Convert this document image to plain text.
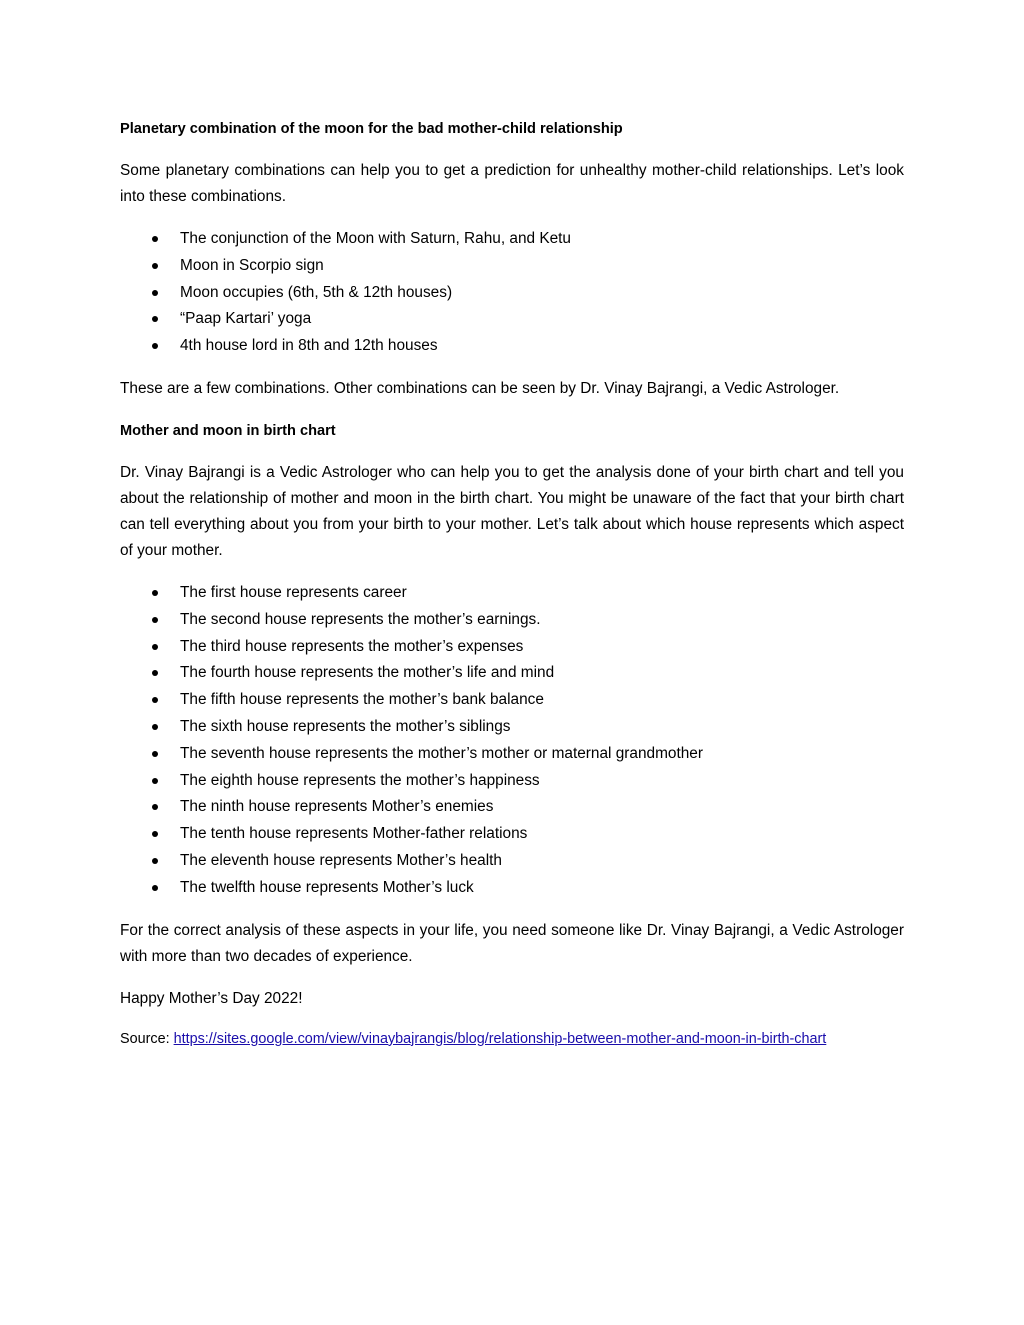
Planetary combination of the moon for the bad mother-child relationship

Some planetary combinations can help you to get a prediction for unhealthy mother-child relationships. Let’s look into these combinations.

The conjunction of the Moon with Saturn, Rahu, and Ketu
Moon in Scorpio sign
Moon occupies (6th, 5th & 12th houses)
“Paap Kartari’ yoga
4th house lord in 8th and 12th houses

These are a few combinations. Other combinations can be seen by Dr. Vinay Bajrangi, a Vedic Astrologer.

Mother and moon in birth chart

Dr. Vinay Bajrangi is a Vedic Astrologer who can help you to get the analysis done of your birth chart and tell you about the relationship of mother and moon in the birth chart. You might be unaware of the fact that your birth chart can tell everything about you from your birth to your mother. Let’s talk about which house represents which aspect of your mother.

The first house represents career
The second house represents the mother’s earnings.
The third house represents the mother’s expenses
The fourth house represents the mother’s life and mind
The fifth house represents the mother’s bank balance
The sixth house represents the mother’s siblings
The seventh house represents the mother’s mother or maternal grandmother
The eighth house represents the mother’s happiness
The ninth house represents Mother’s enemies
The tenth house represents Mother-father relations
The eleventh house represents Mother’s health
The twelfth house represents Mother’s luck

For the correct analysis of these aspects in your life, you need someone like Dr. Vinay Bajrangi, a Vedic Astrologer with more than two decades of experience.

Happy Mother’s Day 2022!

Source: https://sites.google.com/view/vinaybajrangis/blog/relationship-between-mother-and-moon-in-birth-chart
